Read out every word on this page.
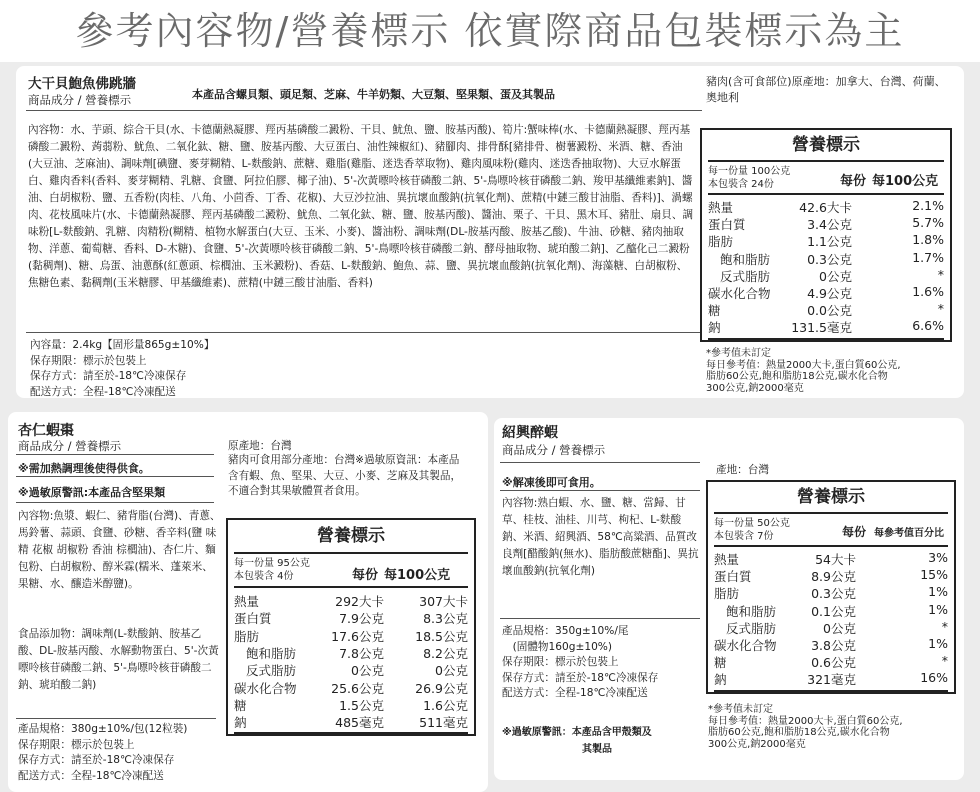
參考內容物/營養標示 依實際商品包裝標示為主
大干貝鮑魚佛跳牆
商品成分 / 營養標示	本產品含螺貝類、頭足類、芝麻、牛羊奶類、大豆類、堅果類、蛋及其製品
豬肉(含可食部位)原產地：加拿大、台灣、荷蘭、奧地利
內容物：水、芋頭、綜合干貝(水、卡德蘭熱凝膠、羥丙基磷酸二澱粉、干貝、魷魚、鹽、胺基丙酸)、筍片:蟹味棒(水、卡德蘭熱凝膠、羥丙基磷酸二澱粉、蒟蒻粉、魷魚、二氧化鈦、糖、鹽、胺基丙酸、大豆蛋白、油性辣椒紅)、豬腳肉、排骨酥[豬排骨、樹薯澱粉、米酒、糖、香油(大豆油、芝麻油)、調味劑[碘鹽、麥芽糊精、L-麩酸鈉、蔗糖、雞脂(雞脂、迷迭香萃取物)、雞肉風味粉(雞肉、迷迭香抽取物)、大豆水解蛋白、雞肉香料(香料、麥芽糊精、乳糖、食鹽、阿拉伯膠、椰子油)、5'-次黃嘌呤核苷磷酸二鈉、5'-鳥嘌呤核苷磷酸二鈉、羧甲基纖維素鈉]、醬油、白胡椒粉、鹽、五香粉(肉桂、八角、小茴香、丁香、花椒)、大豆沙拉油、異抗壞血酸鈉(抗氧化劑)、蔗精(中鏈三酸甘油脂、香料)]、渦螺肉、花枝風味片(水、卡德蘭熱凝膠、羥丙基磷酸二澱粉、魷魚、二氧化鈦、糖、鹽、胺基丙酸)、醬油、栗子、干貝、黑木耳、豬肚、扇貝、調味粉[L-麩酸鈉、乳糖、肉精粉(糊精、植物水解蛋白(大豆、玉米、小麥)、醬油粉、調味劑(DL-胺基丙酸、胺基乙酸)、牛油、砂糖、豬肉抽取物、洋蔥、葡萄糖、香料、D-木糖)、食鹽、5'-次黃嘌呤核苷磷酸二鈉、5'-鳥嘌呤核苷磷酸二鈉、酵母抽取物、琥珀酸二鈉]、乙醯化己二澱粉(黏稠劑)、糖、烏蛋、油蔥酥(紅蔥頭、棕櫚油、玉米澱粉)、香菇、L-麩酸鈉、鮑魚、蒜、鹽、異抗壞血酸鈉(抗氧化劑)、海藻糖、白胡椒粉、焦糖色素、黏稠劑(玉米糖膠、甲基纖維素)、蔗精(中鏈三酸甘油脂、香料)
內容量：2.4kg【固形量865g±10%】
保存期限：標示於包裝上
保存方式：請至於-18℃冷凍保存
配送方式：全程-18℃冷凍配送
營養標示
每一份量 100公克
本包裝含 24份	每份 每100公克
熱量	42.6大卡	2.1%
蛋白質	3.4公克	5.7%
脂肪	1.1公克	1.8%
飽和脂肪	0.3公克	1.7%
反式脂肪	0公克	*
碳水化合物	4.9公克	1.6%
糖	0.0公克	*
鈉	131.5毫克	6.6%
*參考值未訂定
每日參考值：熱量2000大卡,蛋白質60公克,
脂肪60公克,飽和脂肪18公克,碳水化合物
300公克,鈉2000毫克
杏仁蝦棗
商品成分 / 營養標示
※需加熱調理後使得供食。
※過敏原警訊:本產品含堅果類
原產地：台灣
豬肉可食用部分產地：台灣※過敏原資訊：本產品含有蝦、魚、堅果、大豆、小麥、芝麻及其製品，不適合對其果敏體質者食用。
內容物:魚漿、蝦仁、豬背脂(台灣)、青蔥、馬鈴薯、蒜頭、食鹽、砂糖、香辛料(鹽 味精 花椒 胡椒粉 香油 棕櫚油)、杏仁片、麵包粉、白胡椒粉、醇米霖(糯米、蓬萊米、果糖、水、釀造米醇鹽)。
食品添加物：調味劑(L-麩酸鈉、胺基乙酸、DL-胺基丙酸、水解動物蛋白、5'-次黃嘌呤核苷磷酸二鈉、5'-鳥嘌呤核苷磷酸二鈉、琥珀酸二鈉)
產品規格：380g±10%/包(12粒裝)
保存期限：標示於包裝上
保存方式：請至於-18℃冷凍保存
配送方式：全程-18℃冷凍配送
營養標示
每一份量 95公克
本包裝含 4份	每份 每100公克
熱量	292大卡	307大卡
蛋白質	7.9公克	8.3公克
脂肪	17.6公克 18.5公克
飽和脂肪	7.8公克	8.2公克
反式脂肪	0公克	0公克
碳水化合物	25.6公克 26.9公克
糖	1.5公克	1.6公克
鈉	485毫克	511毫克
紹興醉蝦
商品成分 / 營養標示
產地：台灣
※解凍後即可食用。
內容物:熟白蝦、水、鹽、糖、當歸、甘草、桂枝、油桂、川芎、枸杞、L-麩酸鈉、米酒、紹興酒、58℃高粱酒、品質改良劑[醋酸鈉(無水)、脂肪酸蔗糖酯]、異抗壞血酸鈉(抗氧化劑)
產品規格：350g±10%/尾
　(固體物160g±10%)
保存期限：標示於包裝上
保存方式：請至於-18℃冷凍保存
配送方式：全程-18℃冷凍配送
※過敏原警訊：本產品含甲殼類及
其製品
營養標示
每一份量 50公克
本包裝含 7份	每份 每參考值百分比
熱量	54大卡	3%
蛋白質	8.9公克	15%
脂肪	0.3公克	1%
飽和脂肪	0.1公克	1%
反式脂肪	0公克	*
碳水化合物	3.8公克	1%
糖	0.6公克	*
鈉	321毫克	16%
*參考值未訂定
每日參考值：熱量2000大卡,蛋白質60公克,
脂肪60公克,飽和脂肪18公克,碳水化合物
300公克,鈉2000毫克
